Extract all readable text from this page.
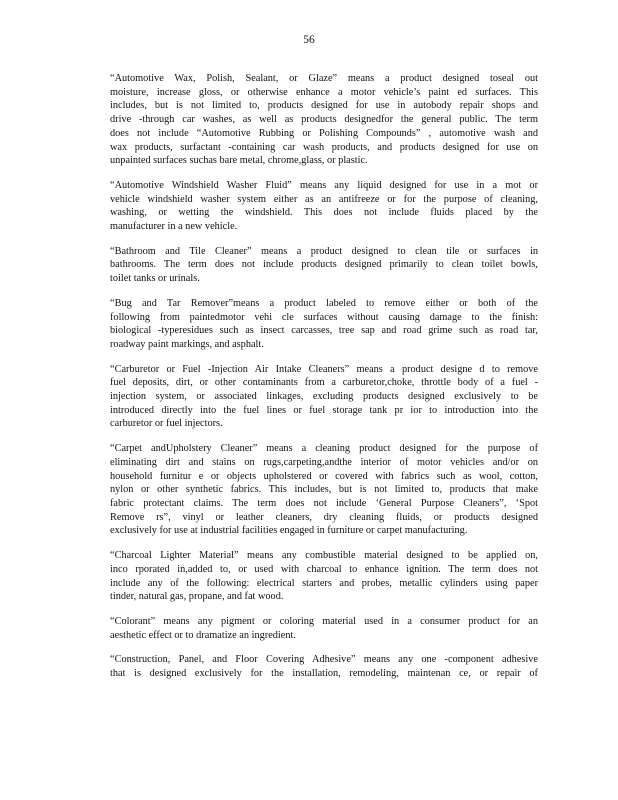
56

“Automotive Wax, Polish, Sealant, or Glaze” means a product designed toseal out
moisture, increase gloss, or otherwise enhance a motor vehicle’s paint ed surfaces. This
includes, but is not limited to, products designed for use in autobody repair shops and
drive -through car washes, as well as products designedfor the general public. The term
does not include “Automotive Rubbing or Polishing Compounds” , automotive wash and
wax products, surfactant -containing car wash products, and products designed for use on
unpainted surfaces suchas bare metal, chrome,glass, or plastic.

“Automotive Windshield Washer Fluid” means any liquid designed for use in a mot or
vehicle windshield washer system either as an antifreeze or for the purpose of cleaning,
washing, or wetting the windshield. This does not include fluids placed by the
manufacturer in a new vehicle.

“Bathroom and Tile Cleaner” means a product designed to clean tile or surfaces in
bathrooms. The term does not include products designed primarily to clean toilet bowls,
toilet tanks or urinals.

“Bug and Tar Remover”means a product labeled to remove either or both of the
following from paintedmotor vehi cle surfaces without causing damage to the finish:
biological -typeresidues such as insect carcasses, tree sap and road grime such as road tar,
roadway paint markings, and asphalt.

“Carburetor or Fuel -Injection Air Intake Cleaners” means a product designe d to remove
fuel deposits, dirt, or other contaminants from a carburetor,choke, throttle body of a fuel -
injection system, or associated linkages, excluding products designed exclusively to be
introduced directly into the fuel lines or fuel storage tank pr ior to introduction into the
carburetor or fuel injectors.

“Carpet andUpholstery Cleaner” means a cleaning product designed for the purpose of
eliminating dirt and stains on rugs,carpeting,andthe interior of motor vehicles and/or on
household furnitur e or objects upholstered or covered with fabrics such as wool, cotton,
nylon or other synthetic fabrics. This includes, but is not limited to, products that make
fabric protectant claims. The term does not include ‘General Purpose Cleaners”, ‘Spot
Remove rs”, vinyl or leather cleaners, dry cleaning fluids, or products designed
exclusively for use at industrial facilities engaged in furniture or carpet manufacturing.

“Charcoal Lighter Material” means any combustible material designed to be applied on,
inco rporated in,added to, or used with charcoal to enhance ignition. The term does not
include any of the following: electrical starters and probes, metallic cylinders using paper
tinder, natural gas, propane, and fat wood.

“Colorant” means any pigment or coloring material used in a consumer product for an
aesthetic effect or to dramatize an ingredient.

“Construction, Panel, and Floor Covering Adhesive” means any one -component adhesive
that is designed exclusively for the installation, remodeling, maintenan ce, or repair of
